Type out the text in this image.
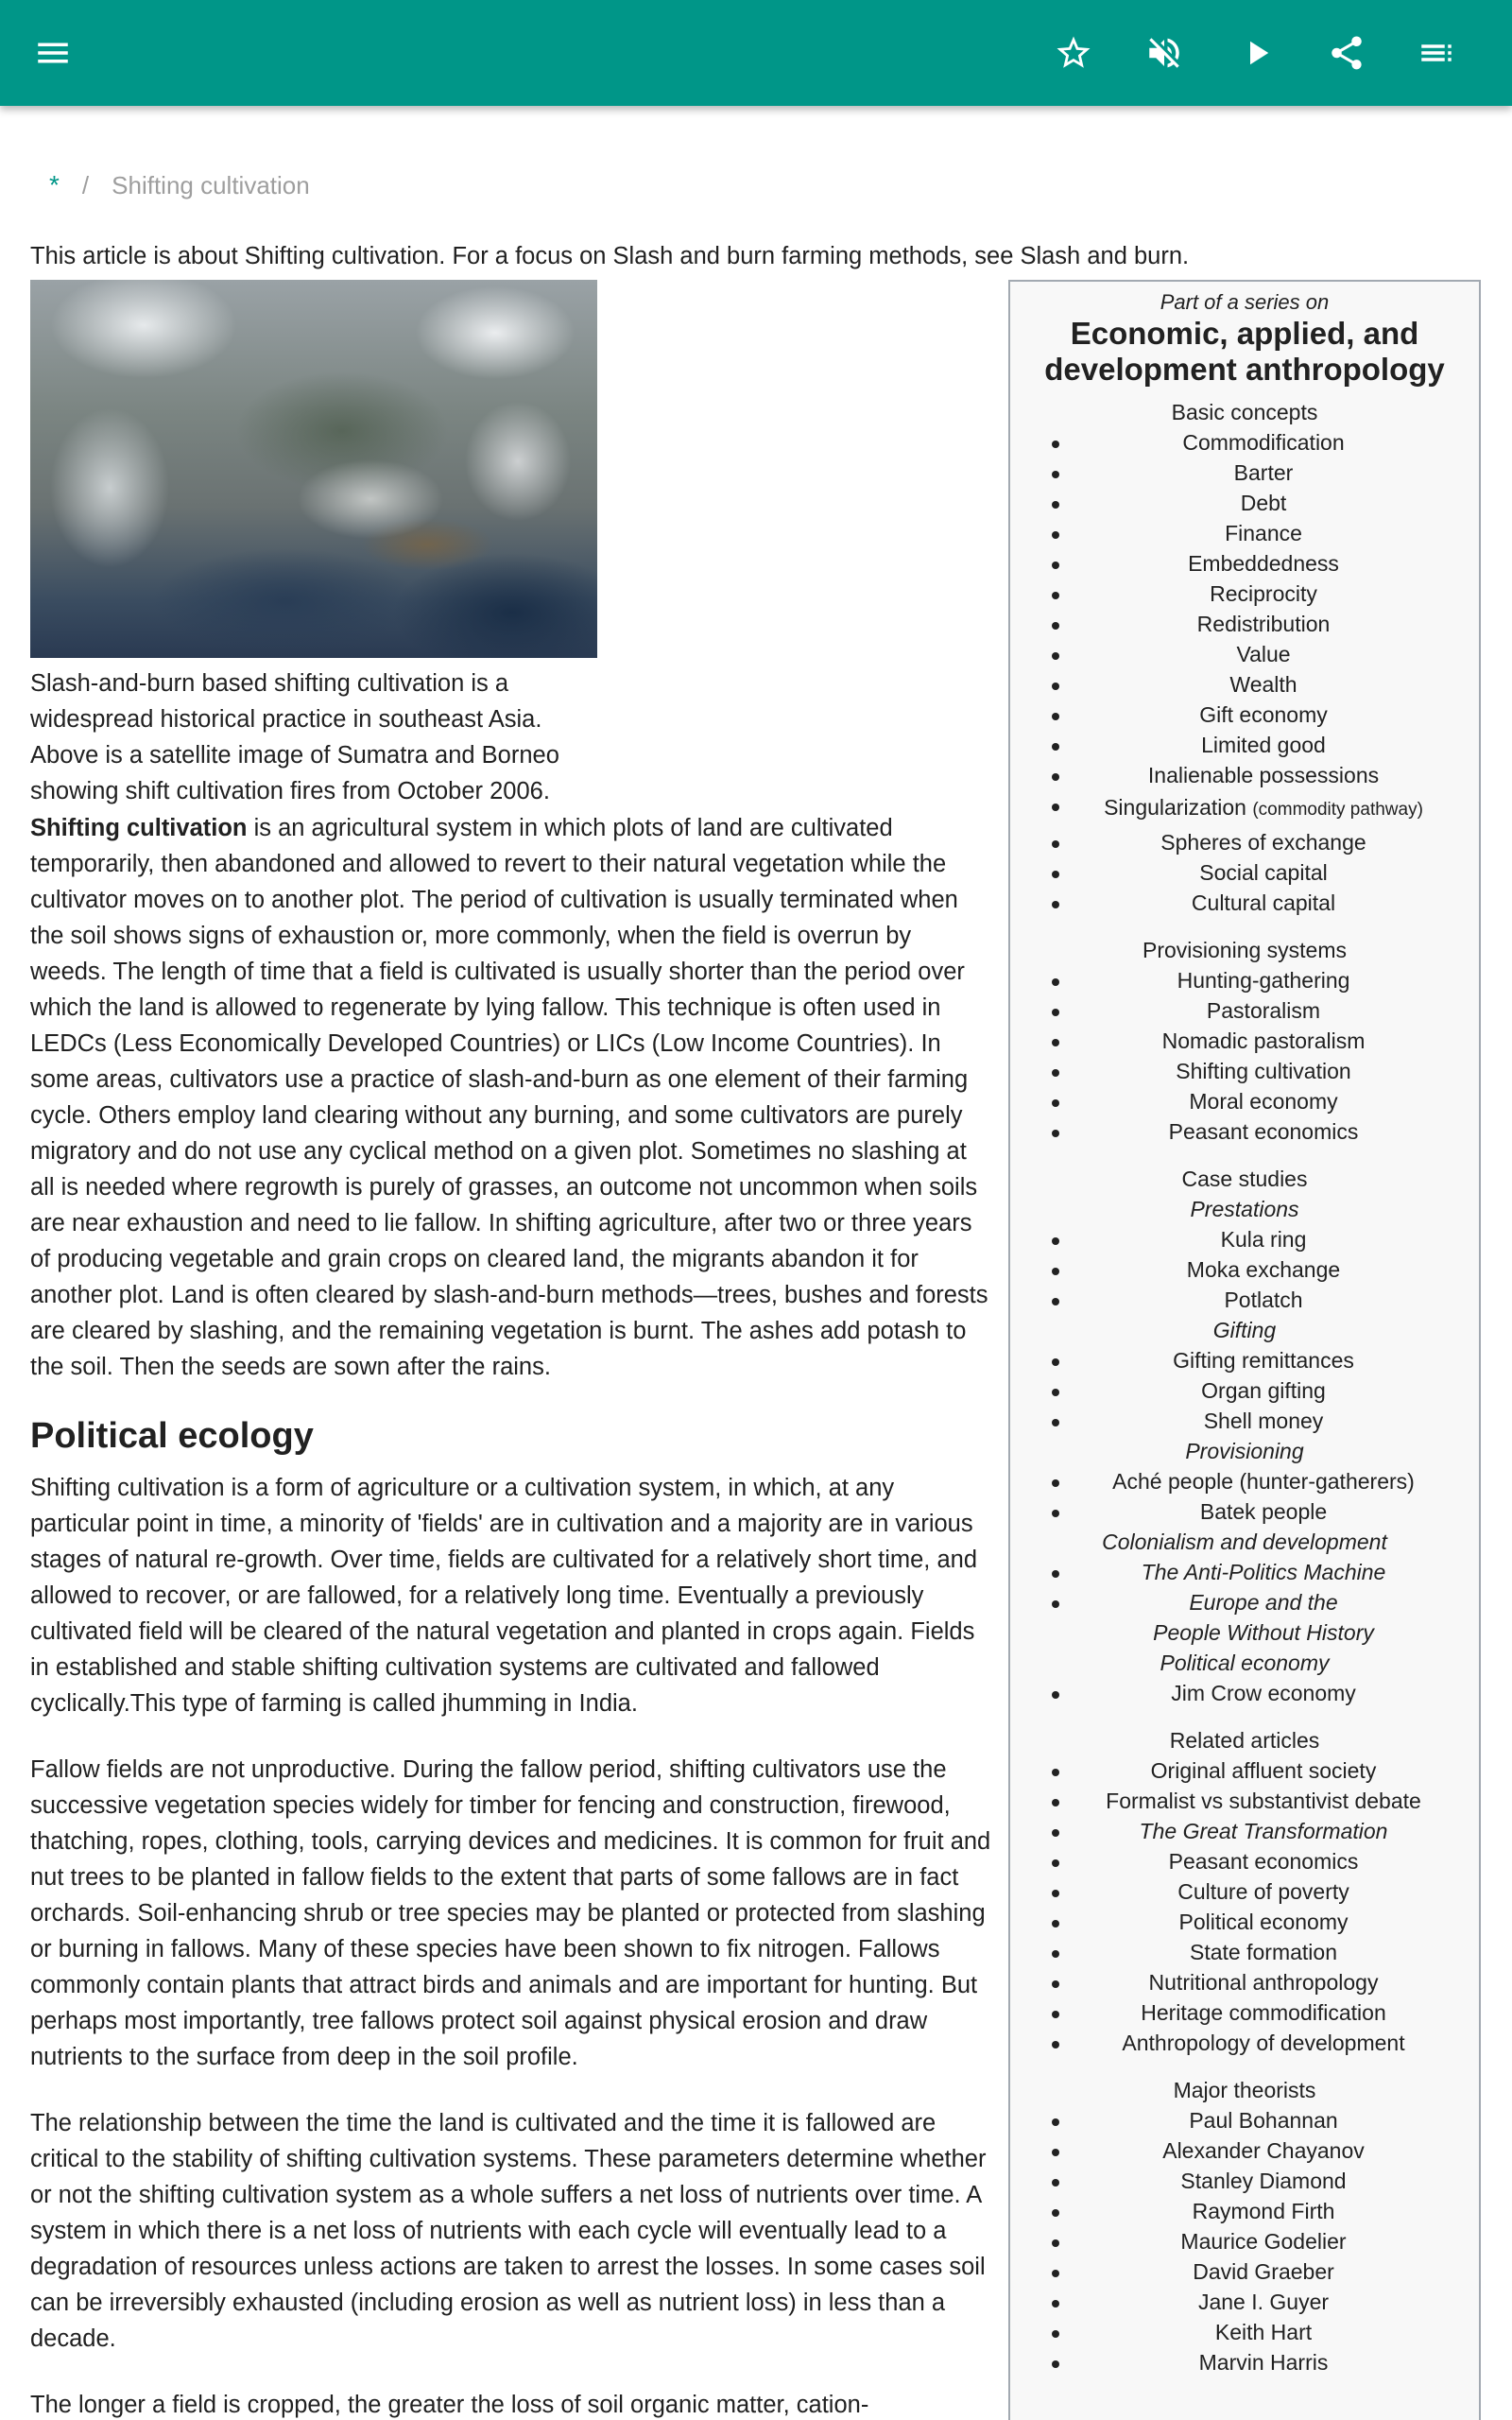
* / Shifting cultivation
This article is about Shifting cultivation. For a focus on Slash and burn farming methods, see Slash and burn.
Slash-and-burn based shifting cultivation is a
widespread historical practice in southeast Asia.
Above is a satellite image of Sumatra and Borneo
showing shift cultivation fires from October 2006.

Shifting cultivation is an agricultural system in which plots of land are cultivated temporarily, then abandoned and allowed to revert to their natural vegetation while the cultivator moves on to another plot. The period of cultivation is usually terminated when the soil shows signs of exhaustion or, more commonly, when the field is overrun by weeds. The length of time that a field is cultivated is usually shorter than the period over which the land is allowed to regenerate by lying fallow. This technique is often used in LEDCs (Less Economically Developed Countries) or LICs (Low Income Countries). In some areas, cultivators use a practice of slash-and-burn as one element of their farming cycle. Others employ land clearing without any burning, and some cultivators are purely migratory and do not use any cyclical method on a given plot. Sometimes no slashing at all is needed where regrowth is purely of grasses, an outcome not uncommon when soils are near exhaustion and need to lie fallow. In shifting agriculture, after two or three years of producing vegetable and grain crops on cleared land, the migrants abandon it for another plot. Land is often cleared by slash-and-burn methods—trees, bushes and forests are cleared by slashing, and the remaining vegetation is burnt. The ashes add potash to the soil. Then the seeds are sown after the rains.

Political ecology

Shifting cultivation is a form of agriculture or a cultivation system, in which, at any particular point in time, a minority of 'fields' are in cultivation and a majority are in various stages of natural re-growth. Over time, fields are cultivated for a relatively short time, and allowed to recover, or are fallowed, for a relatively long time. Eventually a previously cultivated field will be cleared of the natural vegetation and planted in crops again. Fields in established and stable shifting cultivation systems are cultivated and fallowed cyclically.This type of farming is called jhumming in India.

Fallow fields are not unproductive. During the fallow period, shifting cultivators use the successive vegetation species widely for timber for fencing and construction, firewood, thatching, ropes, clothing, tools, carrying devices and medicines. It is common for fruit and nut trees to be planted in fallow fields to the extent that parts of some fallows are in fact orchards. Soil-enhancing shrub or tree species may be planted or protected from slashing or burning in fallows. Many of these species have been shown to fix nitrogen. Fallows commonly contain plants that attract birds and animals and are important for hunting. But perhaps most importantly, tree fallows protect soil against physical erosion and draw nutrients to the surface from deep in the soil profile.

The relationship between the time the land is cultivated and the time it is fallowed are critical to the stability of shifting cultivation systems. These parameters determine whether or not the shifting cultivation system as a whole suffers a net loss of nutrients over time. A system in which there is a net loss of nutrients with each cycle will eventually lead to a degradation of resources unless actions are taken to arrest the losses. In some cases soil can be irreversibly exhausted (including erosion as well as nutrient loss) in less than a decade.

The longer a field is cropped, the greater the loss of soil organic matter, cation-

Part of a series on
Economic, applied, and development anthropology
Basic concepts
Commodification
Barter
Debt
Finance
Embeddedness
Reciprocity
Redistribution
Value
Wealth
Gift economy
Limited good
Inalienable possessions
Singularization (commodity pathway)
Spheres of exchange
Social capital
Cultural capital
Provisioning systems
Hunting-gathering
Pastoralism
Nomadic pastoralism
Shifting cultivation
Moral economy
Peasant economics
Case studies
Prestations
Kula ring
Moka exchange
Potlatch
Gifting
Gifting remittances
Organ gifting
Shell money
Provisioning
Aché people (hunter-gatherers)
Batek people
Colonialism and development
The Anti-Politics Machine
Europe and the
People Without History
Political economy
Jim Crow economy
Related articles
Original affluent society
Formalist vs substantivist debate
The Great Transformation
Peasant economics
Culture of poverty
Political economy
State formation
Nutritional anthropology
Heritage commodification
Anthropology of development
Major theorists
Paul Bohannan
Alexander Chayanov
Stanley Diamond
Raymond Firth
Maurice Godelier
David Graeber
Jane I. Guyer
Keith Hart
Marvin Harris
